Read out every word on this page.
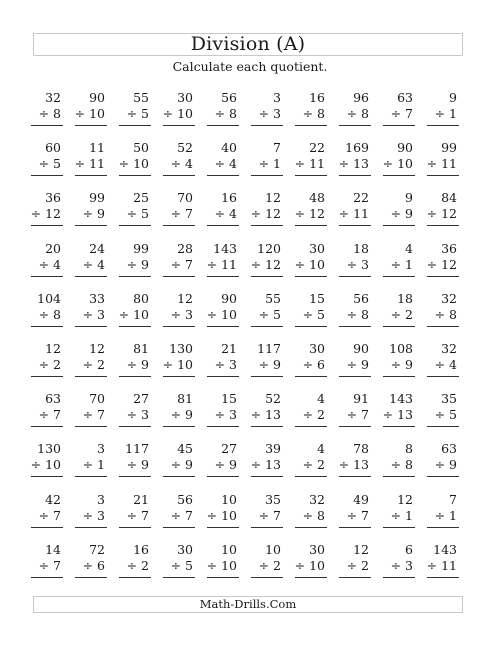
Division (A)
Calculate each quotient.
32
÷ 8
90
÷ 10
55
÷ 5
30
÷ 10
56
÷ 8
3
÷ 3
16
÷ 8
96
÷ 8
63
÷ 7
9
÷ 1
60
÷ 5
11
÷ 11
50
÷ 10
52
÷ 4
40
÷ 4
7
÷ 1
22
÷ 11
169
÷ 13
90
÷ 10
99
÷ 11
36
÷ 12
99
÷ 9
25
÷ 5
70
÷ 7
16
÷ 4
12
÷ 12
48
÷ 12
22
÷ 11
9
÷ 9
84
÷ 12
20
÷ 4
24
÷ 4
99
÷ 9
28
÷ 7
143
÷ 11
120
÷ 12
30
÷ 10
18
÷ 3
4
÷ 1
36
÷ 12
104
÷ 8
33
÷ 3
80
÷ 10
12
÷ 3
90
÷ 10
55
÷ 5
15
÷ 5
56
÷ 8
18
÷ 2
32
÷ 8
12
÷ 2
12
÷ 2
81
÷ 9
130
÷ 10
21
÷ 3
117
÷ 9
30
÷ 6
90
÷ 9
108
÷ 9
32
÷ 4
63
÷ 7
70
÷ 7
27
÷ 3
81
÷ 9
15
÷ 3
52
÷ 13
4
÷ 2
91
÷ 7
143
÷ 13
35
÷ 5
130
÷ 10
3
÷ 1
117
÷ 9
45
÷ 9
27
÷ 9
39
÷ 13
4
÷ 2
78
÷ 13
8
÷ 8
63
÷ 9
42
÷ 7
3
÷ 3
21
÷ 7
56
÷ 7
10
÷ 10
35
÷ 7
32
÷ 8
49
÷ 7
12
÷ 1
7
÷ 1
14
÷ 7
72
÷ 6
16
÷ 2
30
÷ 5
10
÷ 10
10
÷ 2
30
÷ 10
12
÷ 2
6
÷ 3
143
÷ 11
Math-Drills.Com
